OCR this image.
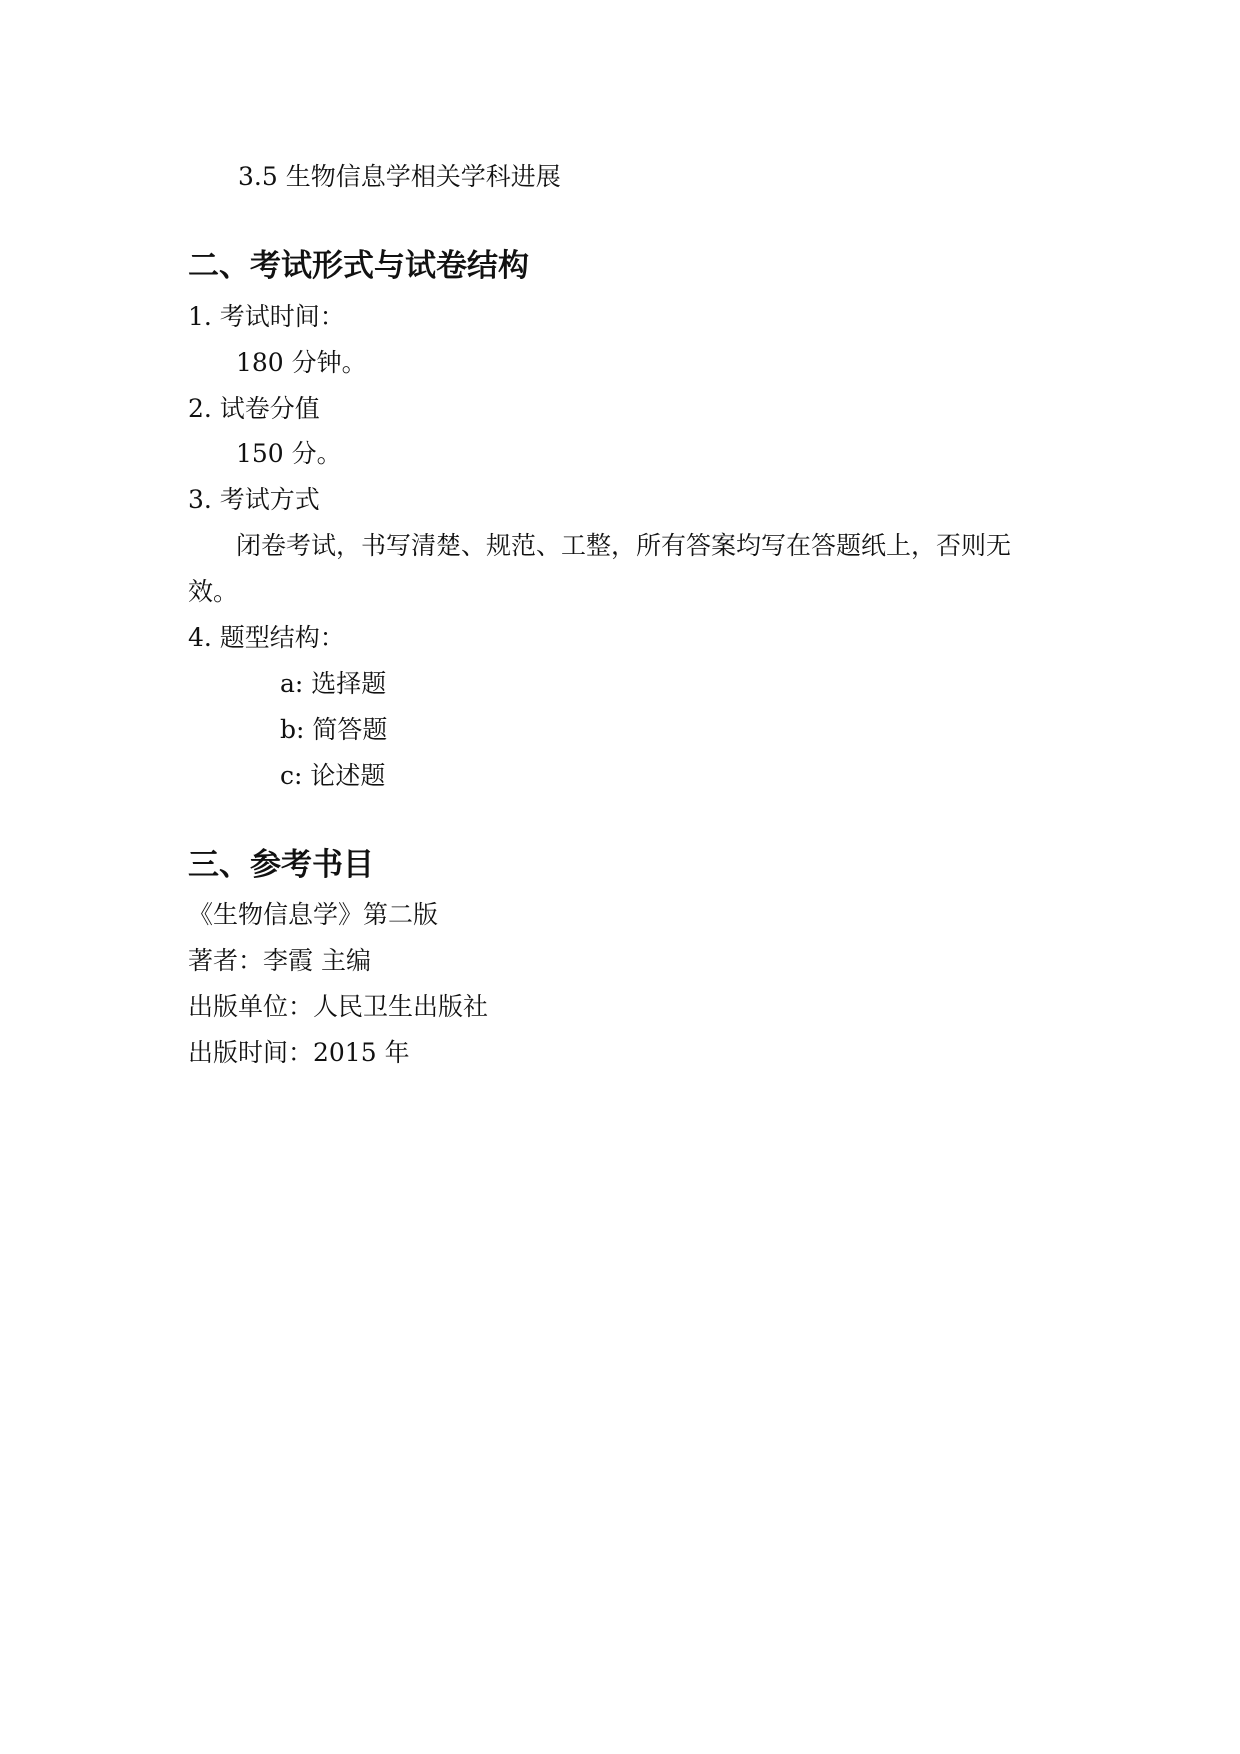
3.5 生物信息学相关学科进展
二、考试形式与试卷结构
1. 考试时间：
180 分钟。
2. 试卷分值
150 分。
3. 考试方式
闭卷考试，书写清楚、规范、工整，所有答案均写在答题纸上，否则无
效。
4. 题型结构：
a: 选择题
b: 简答题
c: 论述题
三、参考书目
《生物信息学》第二版
著者：李霞 主编
出版单位：人民卫生出版社
出版时间：2015 年
